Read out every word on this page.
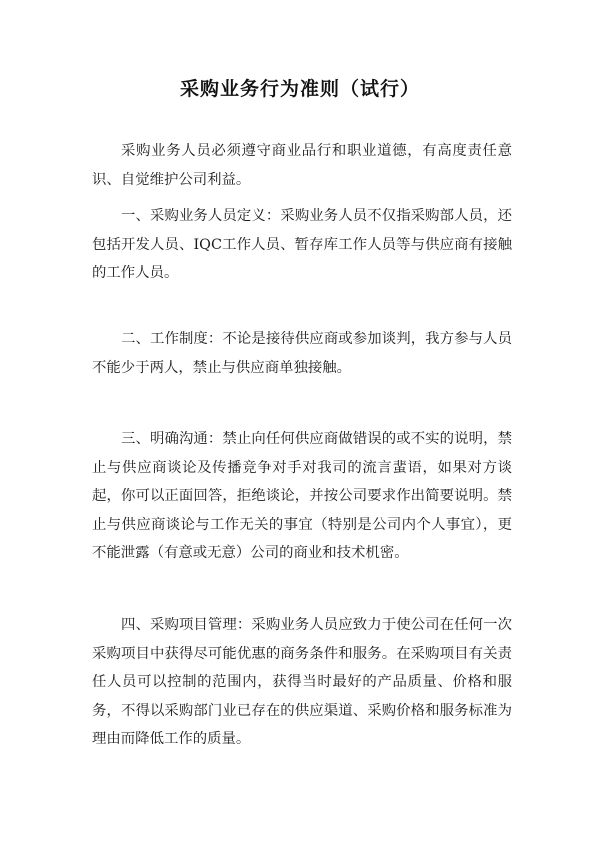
采购业务行为准则（试行）

采购业务人员必须遵守商业品行和职业道德，有高度责任意识、自觉维护公司利益。

一、采购业务人员定义：采购业务人员不仅指采购部人员，还包括开发人员、IQC工作人员、暂存库工作人员等与供应商有接触的工作人员。

二、工作制度：不论是接待供应商或参加谈判，我方参与人员不能少于两人，禁止与供应商单独接触。

三、明确沟通：禁止向任何供应商做错误的或不实的说明，禁止与供应商谈论及传播竞争对手对我司的流言蜚语，如果对方谈起，你可以正面回答，拒绝谈论，并按公司要求作出简要说明。禁止与供应商谈论与工作无关的事宜（特别是公司内个人事宜），更不能泄露（有意或无意）公司的商业和技术机密。

四、采购项目管理：采购业务人员应致力于使公司在任何一次采购项目中获得尽可能优惠的商务条件和服务。在采购项目有关责任人员可以控制的范围内，获得当时最好的产品质量、价格和服务，不得以采购部门业已存在的供应渠道、采购价格和服务标准为理由而降低工作的质量。
